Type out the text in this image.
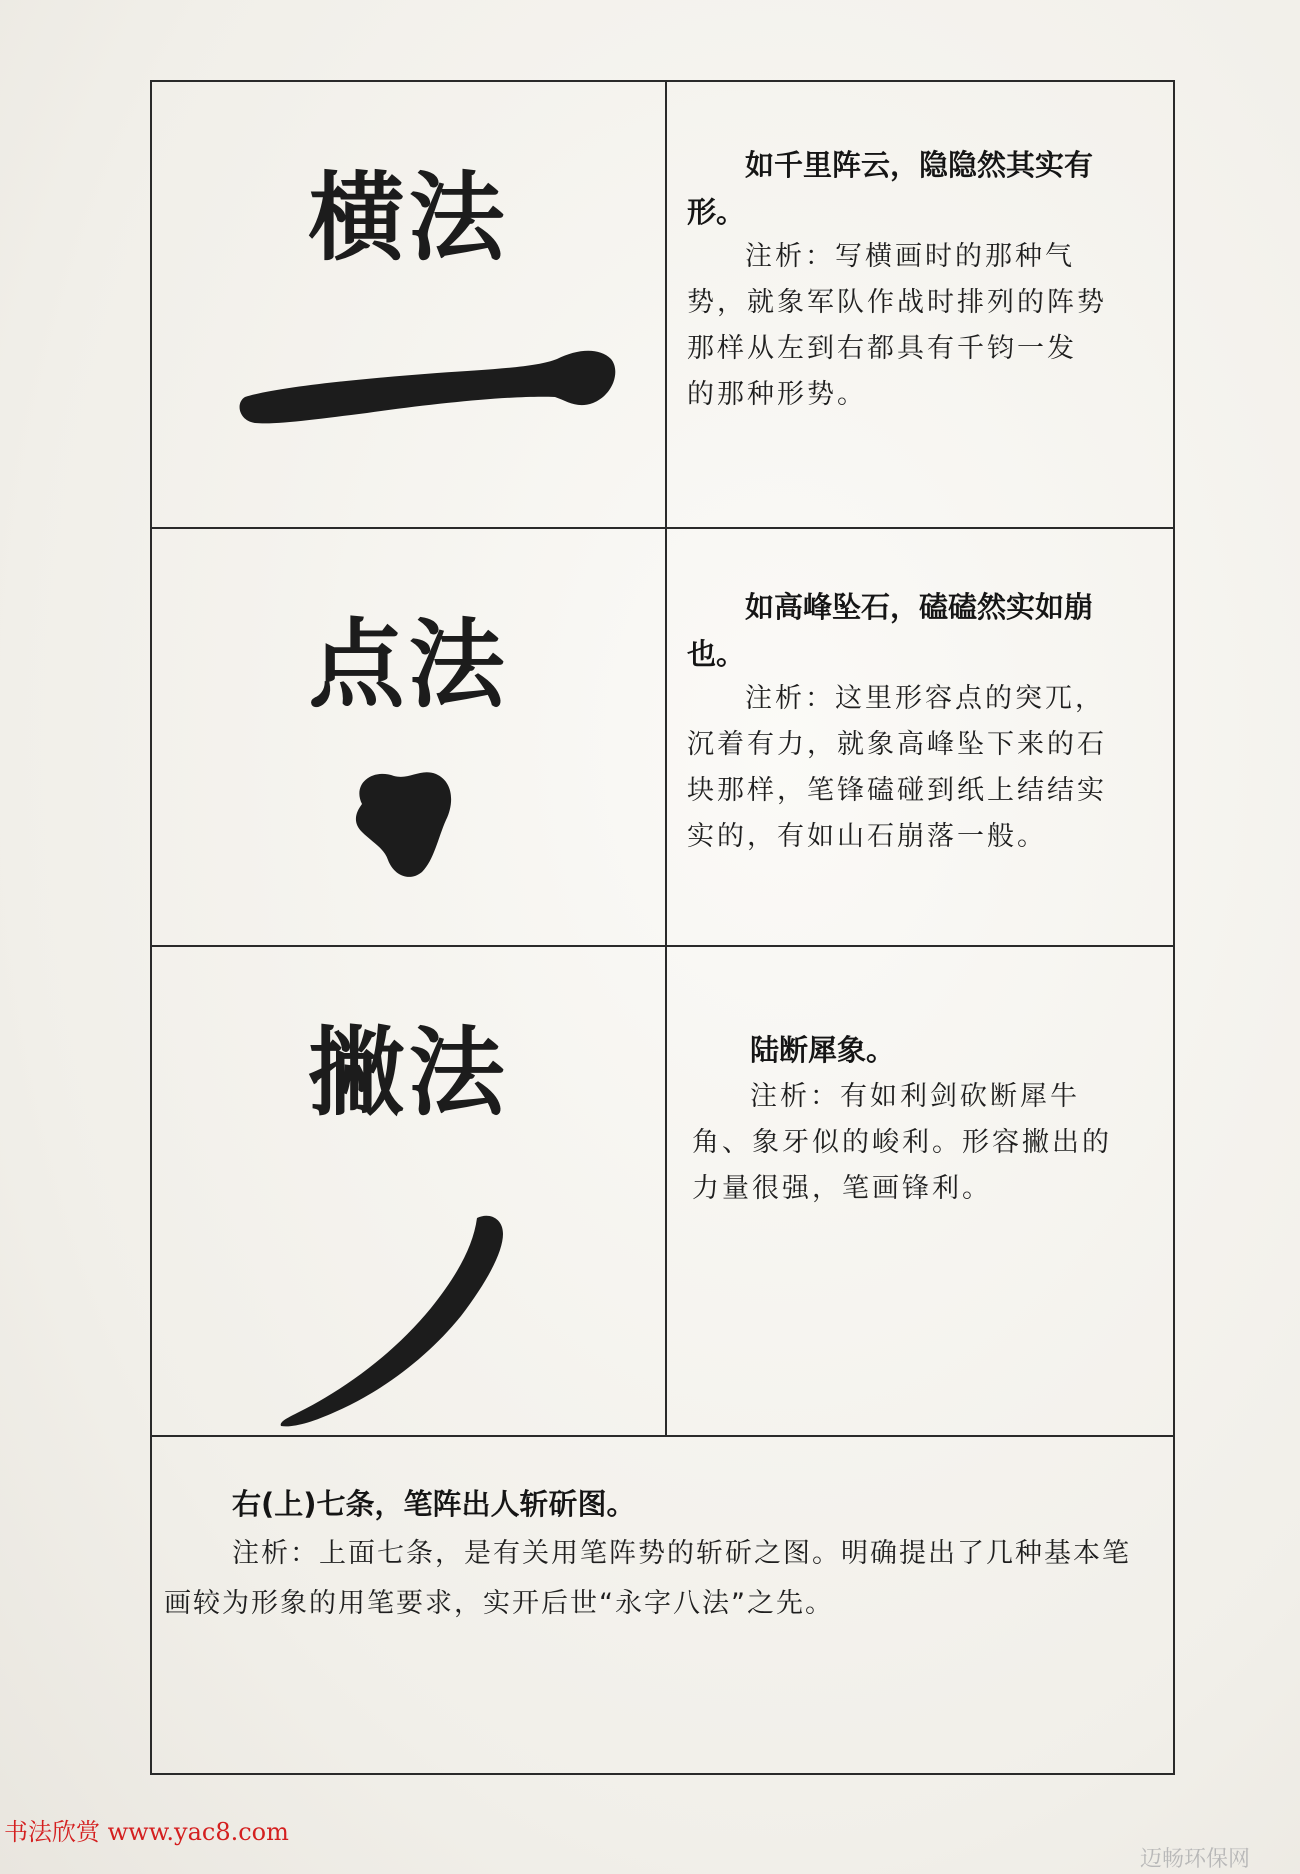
横法	如千里阵云，隐隐然其实有
形。
注析：写横画时的那种气
势，就象军队作战时排列的阵势
那样从左到右都具有千钧一发
的那种形势。
点法
如高峰坠石，磕磕然实如崩
也。
注析：这里形容点的突兀，
沉着有力，就象高峰坠下来的石
块那样，笔锋磕碰到纸上结结实
实的，有如山石崩落一般。
撇法	陆断犀象。
注析：有如利剑砍断犀牛
角、象牙似的峻利。形容撇出的
力量很强，笔画锋利。
右(上)七条，笔阵出人斩斫图。
注析：上面七条，是有关用笔阵势的斩斫之图。明确提出了几种基本笔
画较为形象的用笔要求，实开后世“永字八法”之先。
书法欣赏 www.yac8.com
迈畅环保网
